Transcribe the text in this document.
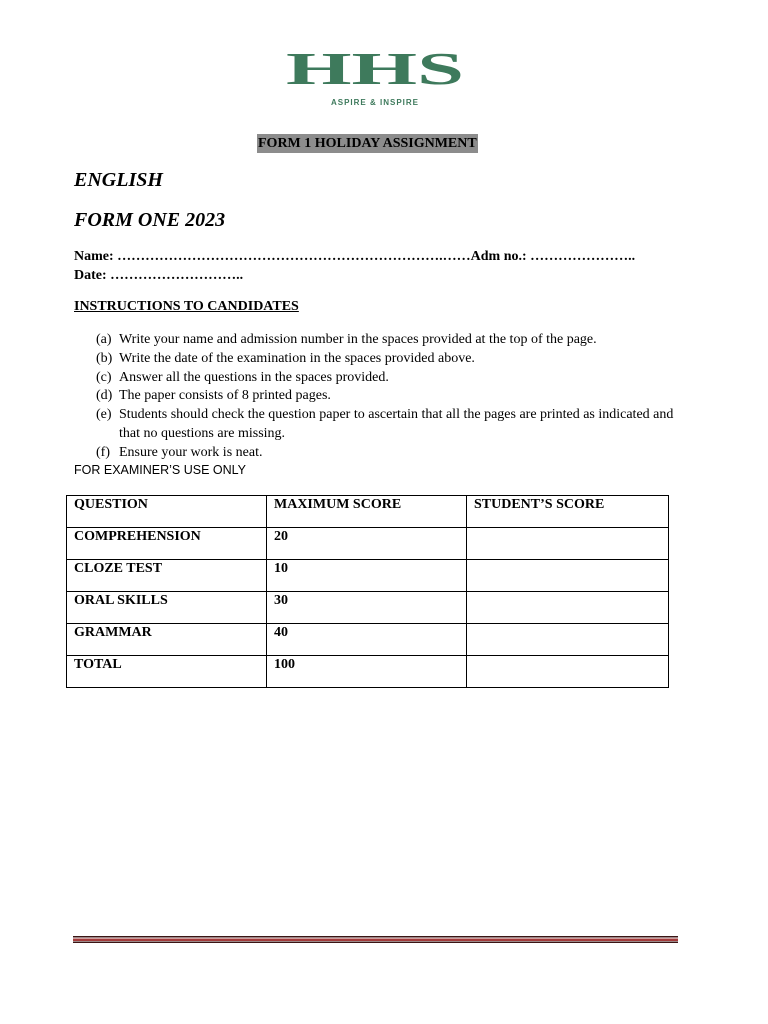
HHS
ASPIRE & INSPIRE
FORM 1 HOLIDAY ASSIGNMENT
ENGLISH
FORM ONE 2023
Name: …………………………………………………………….……Adm no.: …………………..
Date: ………………………..
INSTRUCTIONS TO CANDIDATES
(a) Write your name and admission number in the spaces provided at the top of the page.
(b) Write the date of the examination in the spaces provided above.
(c) Answer all the questions in the spaces provided.
(d) The paper consists of 8 printed pages.
(e) Students should check the question paper to ascertain that all the pages are printed as indicated and that no questions are missing.
(f) Ensure your work is neat.
FOR EXAMINER’S USE ONLY
QUESTION	MAXIMUM SCORE	STUDENT’S SCORE
COMPREHENSION	20	
CLOZE TEST	10	
ORAL SKILLS	30	
GRAMMAR	40	
TOTAL	100	
